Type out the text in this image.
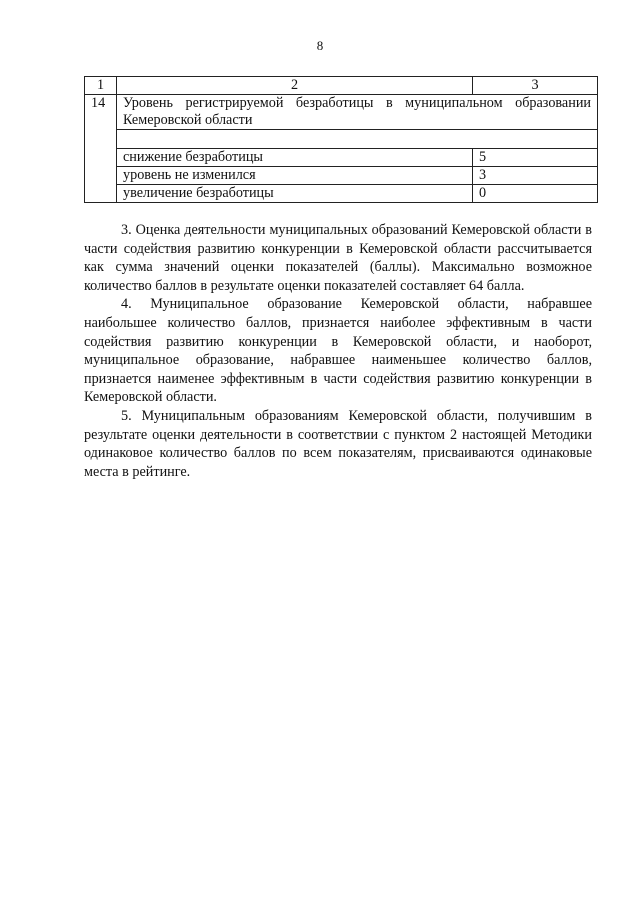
8
1	2	3
14	Уровень регистрируемой безработицы в муниципальном образовании Кемеровской области	

	снижение безработицы	5
	уровень не изменился	3
	увеличение безработицы	0

3. Оценка деятельности муниципальных образований Кемеровской области в части содействия развитию конкуренции в Кемеровской области рассчитывается как сумма значений оценки показателей (баллы). Максимально возможное количество баллов в результате оценки показателей составляет 64 балла.

4. Муниципальное образование Кемеровской области, набравшее наибольшее количество баллов, признается наиболее эффективным в части содействия развитию конкуренции в Кемеровской области, и наоборот, муниципальное образование, набравшее наименьшее количество баллов, признается наименее эффективным в части содействия развитию конкуренции в Кемеровской области.

5. Муниципальным образованиям Кемеровской области, получившим в результате оценки деятельности в соответствии с пунктом 2 настоящей Методики одинаковое количество баллов по всем показателям, присваиваются одинаковые места в рейтинге.
